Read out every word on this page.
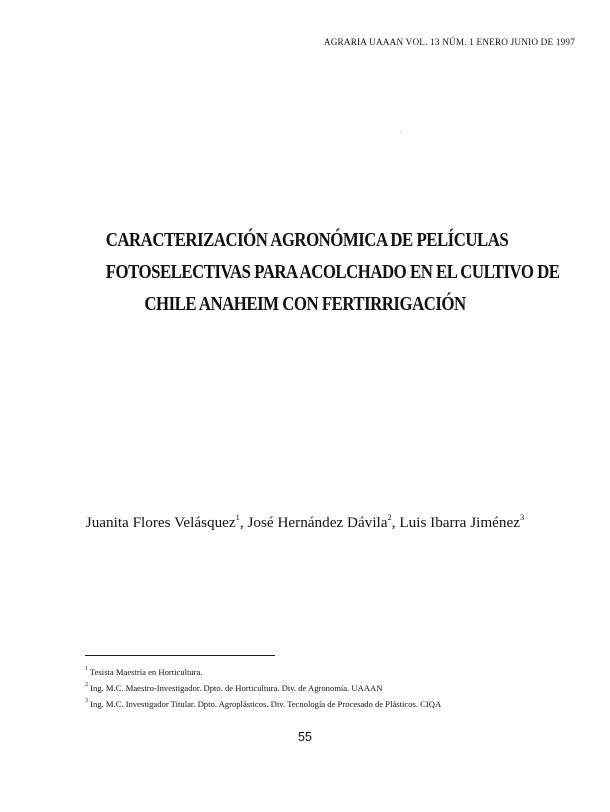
AGRARIA UAAAN VOL. 13 NÚM. 1 ENERO JUNIO DE 1997
CARACTERIZACIÓN AGRONÓMICA DE PELÍCULAS
FOTOSELECTIVAS PARA ACOLCHADO EN EL CULTIVO DE
CHILE ANAHEIM CON FERTIRRIGACIÓN
Juanita Flores Velásquez$^1$, José Hernández Dávila$^2$, Luis Ibarra Jiménez$^3$
$^1$ Tesista Maestría en Horticultura.
$^2$ Ing. M.C. Maestro-Investigador. Dpto. de Horticultura. Div. de Agronomía. UAAAN
$^3$ Ing. M.C. Investigador Titular. Dpto. Agroplásticos. Div. Tecnología de Procesado de Plásticos. CIQA
55
